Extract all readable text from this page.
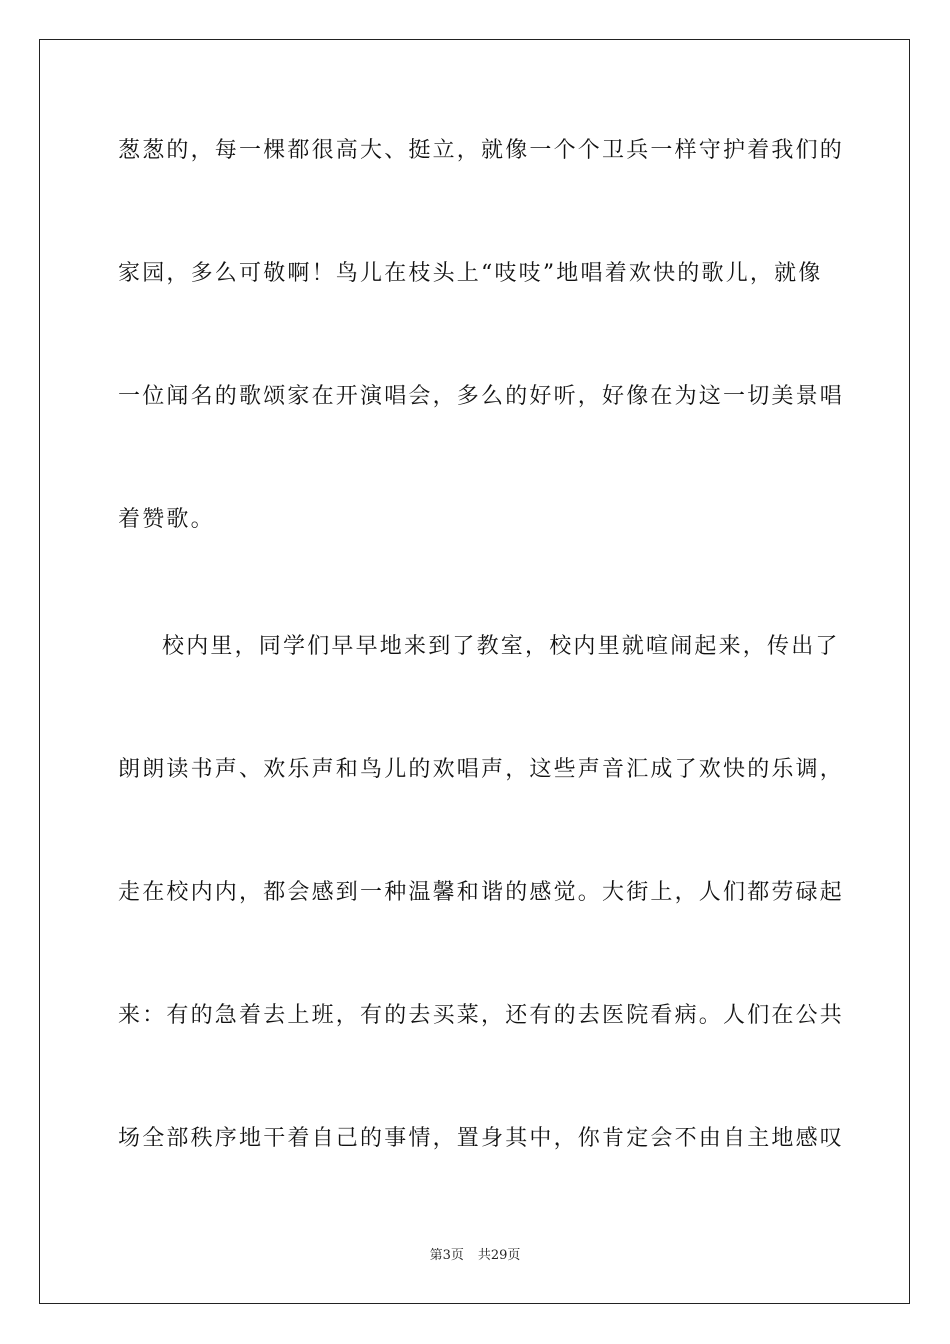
葱葱的，每一棵都很高大、挺立，就像一个个卫兵一样守护着我们的
家园，多么可敬啊！鸟儿在枝头上“吱吱”地唱着欢快的歌儿，就像
一位闻名的歌颂家在开演唱会，多么的好听，好像在为这一切美景唱
着赞歌。
校内里，同学们早早地来到了教室，校内里就喧闹起来，传出了
朗朗读书声、欢乐声和鸟儿的欢唱声，这些声音汇成了欢快的乐调，
走在校内内，都会感到一种温馨和谐的感觉。大街上，人们都劳碌起
来：有的急着去上班，有的去买菜，还有的去医院看病。人们在公共
场全部秩序地干着自己的事情，置身其中，你肯定会不由自主地感叹
第3页 共29页
